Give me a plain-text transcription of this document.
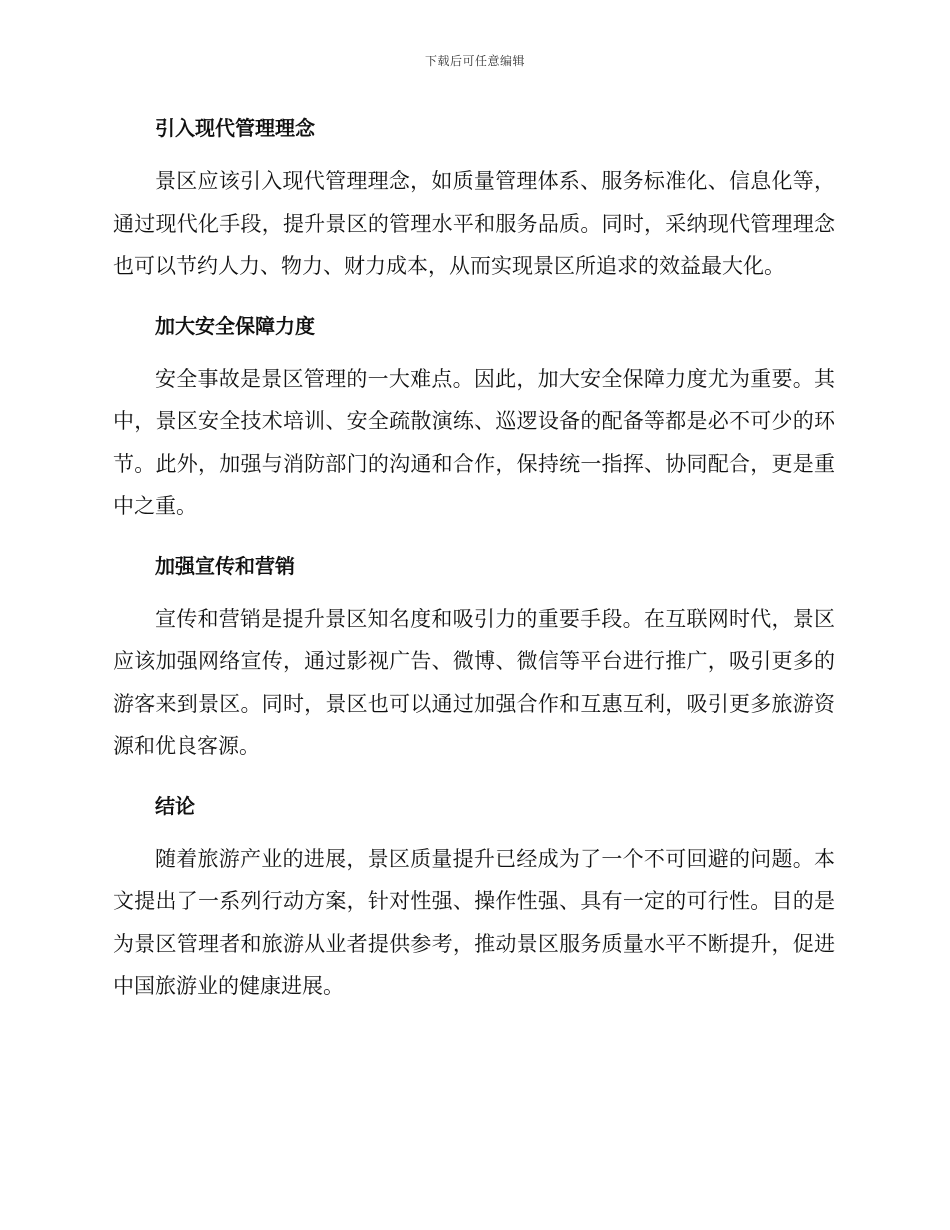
下载后可任意编辑
引入现代管理理念

景区应该引入现代管理理念，如质量管理体系、服务标准化、信息化等，通过现代化手段，提升景区的管理水平和服务品质。同时，采纳现代管理理念也可以节约人力、物力、财力成本，从而实现景区所追求的效益最大化。

加大安全保障力度

安全事故是景区管理的一大难点。因此，加大安全保障力度尤为重要。其中，景区安全技术培训、安全疏散演练、巡逻设备的配备等都是必不可少的环节。此外，加强与消防部门的沟通和合作，保持统一指挥、协同配合，更是重中之重。

加强宣传和营销

宣传和营销是提升景区知名度和吸引力的重要手段。在互联网时代，景区应该加强网络宣传，通过影视广告、微博、微信等平台进行推广，吸引更多的游客来到景区。同时，景区也可以通过加强合作和互惠互利，吸引更多旅游资源和优良客源。

结论

随着旅游产业的进展，景区质量提升已经成为了一个不可回避的问题。本文提出了一系列行动方案，针对性强、操作性强、具有一定的可行性。目的是为景区管理者和旅游从业者提供参考，推动景区服务质量水平不断提升，促进中国旅游业的健康进展。
